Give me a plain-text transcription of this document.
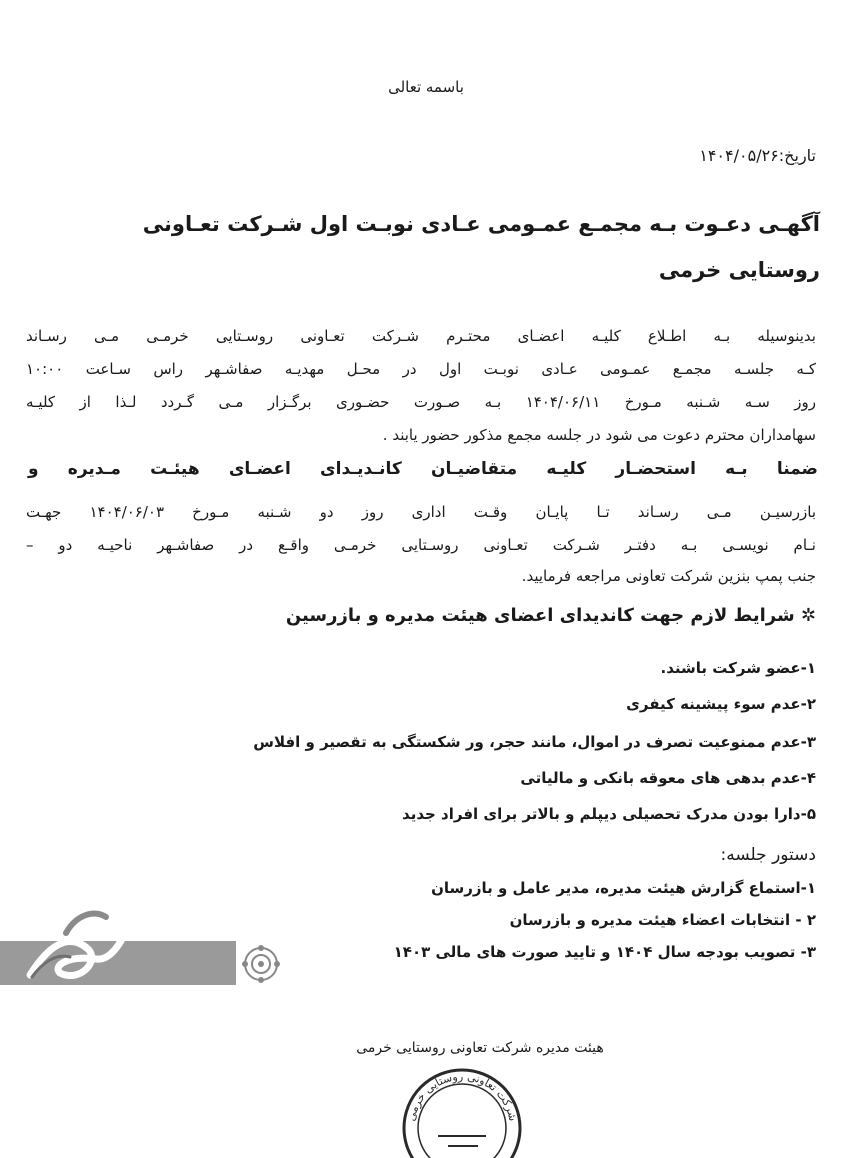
باسمه تعالی
تاریخ:۱۴۰۴/۰۵/۲۶
آگهـی دعـوت بـه مجمـع عمـومی عـادی نوبـت اول شـرکت تعـاونی
روستایی خرمی
بدینوسیله بـه اطـلاع کلیـه اعضـای محتـرم شـرکت تعـاونی روسـتایی خرمـی مـی رسـاند
کـه جلسـه مجمـع عمـومی عـادی نوبـت اول در محـل مهدیـه صفاشـهر راس سـاعت ۱۰:۰۰
روز سـه شـنبه مـورخ ۱۴۰۴/۰۶/۱۱ بـه صـورت حضـوری برگـزار مـی گـردد لـذا از کلیـه
سهامداران محترم دعوت می شود در جلسه مجمع مذکور حضور یابند .
ضمنا بـه استحضـار کلیـه متقاضیـان کانـدیـدای اعضـای هیئـت مـدیره و
بازرسیـن مـی رسـاند تـا پایـان وقـت اداری روز دو شـنبه مـورخ ۱۴۰۴/۰۶/۰۳ جهـت
نـام نویسـی بـه دفتـر شـرکت تعـاونی روسـتایی خرمـی واقـع در صفاشـهر ناحیـه دو –
جنب پمپ بنزین شرکت تعاونی مراجعه فرمایید.
✲ شرایط لازم جهت کاندیدای اعضای هیئت مدیره و بازرسین
۱-عضو شرکت باشند.
۲-عدم سوء پیشینه کیفری
۳-عدم ممنوعیت تصرف در اموال، مانند حجر، ور شکستگی به تقصیر و افلاس
۴-عدم بدهی های معوقه بانکی و مالیاتی
۵-دارا بودن مدرک تحصیلی دیپلم و بالاتر برای افراد جدید
دستور جلسه:
۱-استماع گزارش هیئت مدیره، مدیر عامل و بازرسان
۲ - انتخابات اعضاء هیئت مدیره و بازرسان
۳- تصویب بودجه سال ۱۴۰۴ و تایید صورت های مالی ۱۴۰۳
هیئت مدیره شرکت تعاونی روستایی خرمی
اخبار و رویدادهای
KHORAMBID
شرکت تعاونی روستایی خرمی
